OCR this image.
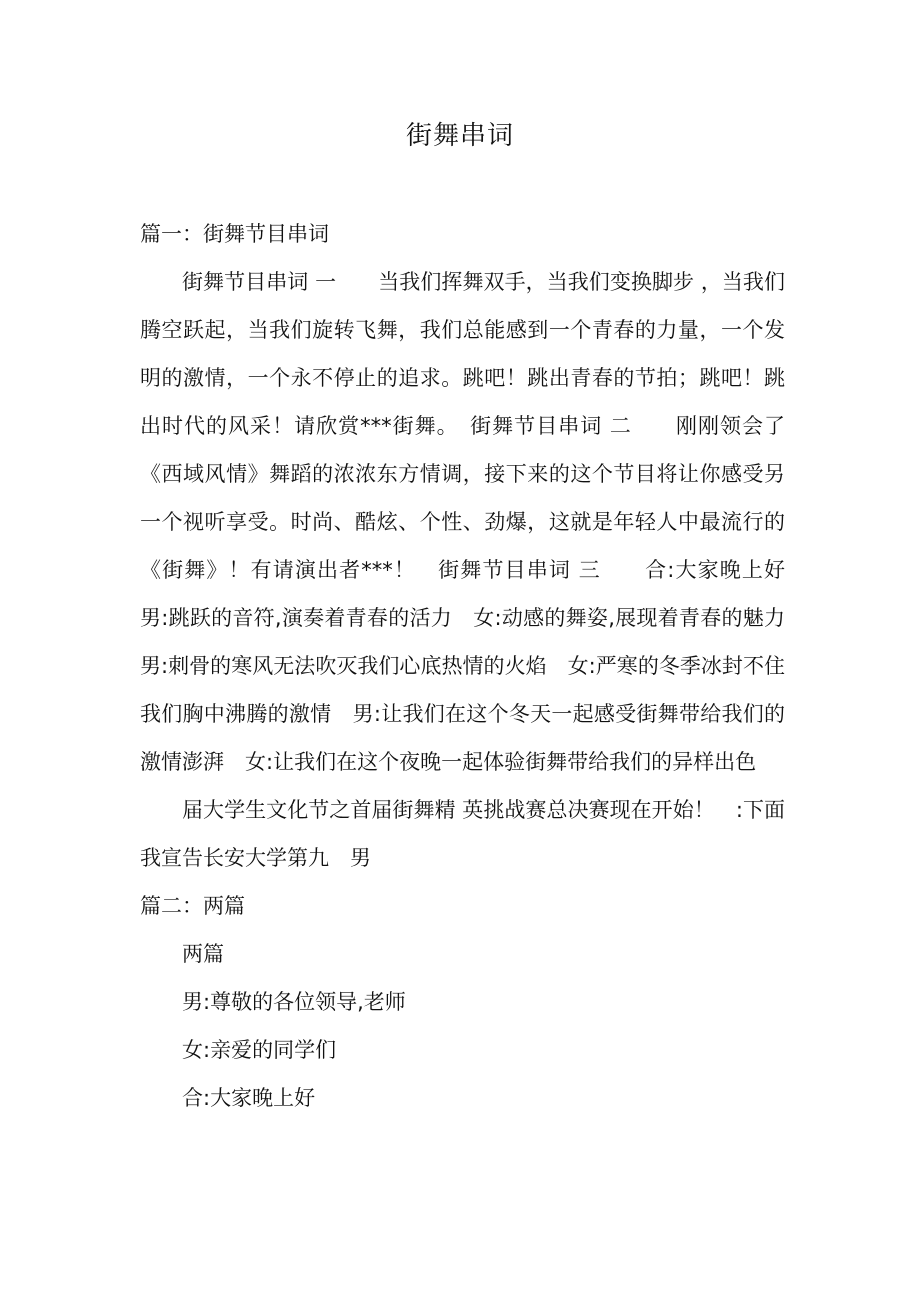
街舞串词
篇一：街舞节目串词

街舞节目串词 一　　当我们挥舞双手，当我们变换脚步 ，当我们腾空跃起，当我们旋转飞舞，我们总能感到一个青春的力量，一个发明的激情，一个永不停止的追求。跳吧！跳出青春的节拍；跳吧！跳出时代的风采！请欣赏***街舞。　街舞节目串词 二　　刚刚领会了《西域风情》舞蹈的浓浓东方情调，接下来的这个节目将让你感受另一个视听享受。时尚、酷炫、个性、劲爆，这就是年轻人中最流行的《街舞》！有请演出者***！　街舞节目串词 三　　合:大家晚上好　男:跳跃的音符,演奏着青春的活力　女:动感的舞姿,展现着青春的魅力　男:刺骨的寒风无法吹灭我们心底热情的火焰　女:严寒的冬季冰封不住我们胸中沸腾的激情　男:让我们在这个冬天一起感受街舞带给我们的激情澎湃　女:让我们在这个夜晚一起体验街舞带给我们的异样出色

届大学生文化节之首届街舞精 英挑战赛总决赛现在开始！　:下面我宣告长安大学第九　男

篇二：两篇
两篇
男:尊敬的各位领导,老师
女:亲爱的同学们
合:大家晚上好
